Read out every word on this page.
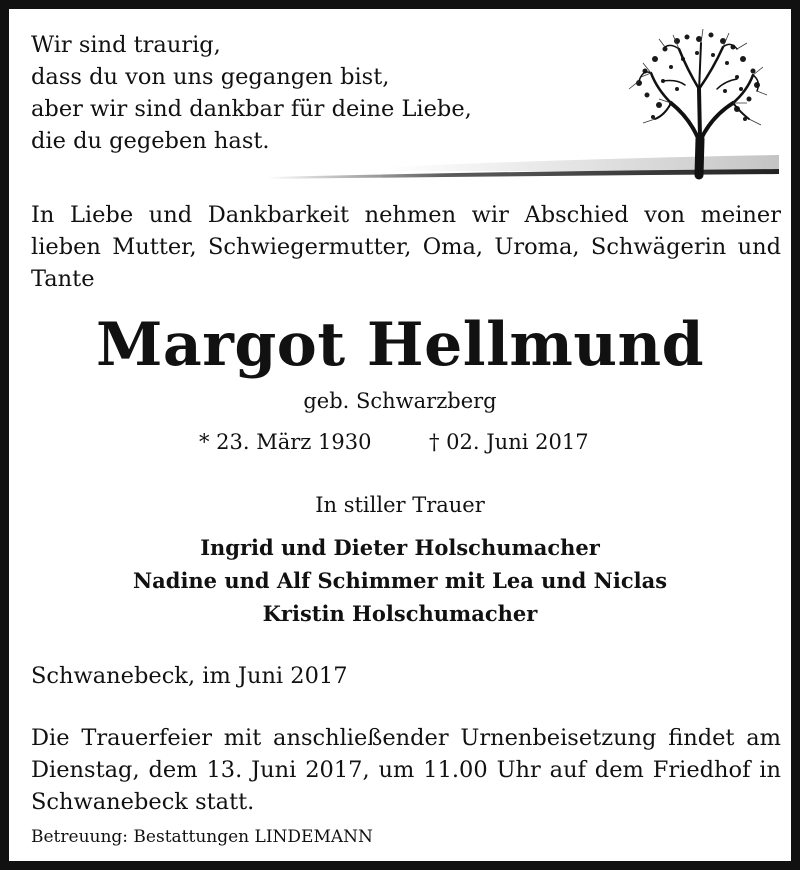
Wir sind traurig,
dass du von uns gegangen bist,
aber wir sind dankbar für deine Liebe,
die du gegeben hast.
In Liebe und Dankbarkeit nehmen wir Abschied von meiner lieben Mutter, Schwiegermutter, Oma, Uroma, Schwägerin und Tante
Margot Hellmund
geb. Schwarzberg
* 23. März 1930	† 02. Juni 2017
In stiller Trauer
Ingrid und Dieter Holschumacher
Nadine und Alf Schimmer mit Lea und Niclas
Kristin Holschumacher
Schwanebeck, im Juni 2017
Die Trauerfeier mit anschließender Urnenbeisetzung findet am Dienstag, dem 13. Juni 2017, um 11.00 Uhr auf dem Friedhof in Schwanebeck statt.
Betreuung: Bestattungen LINDEMANN
